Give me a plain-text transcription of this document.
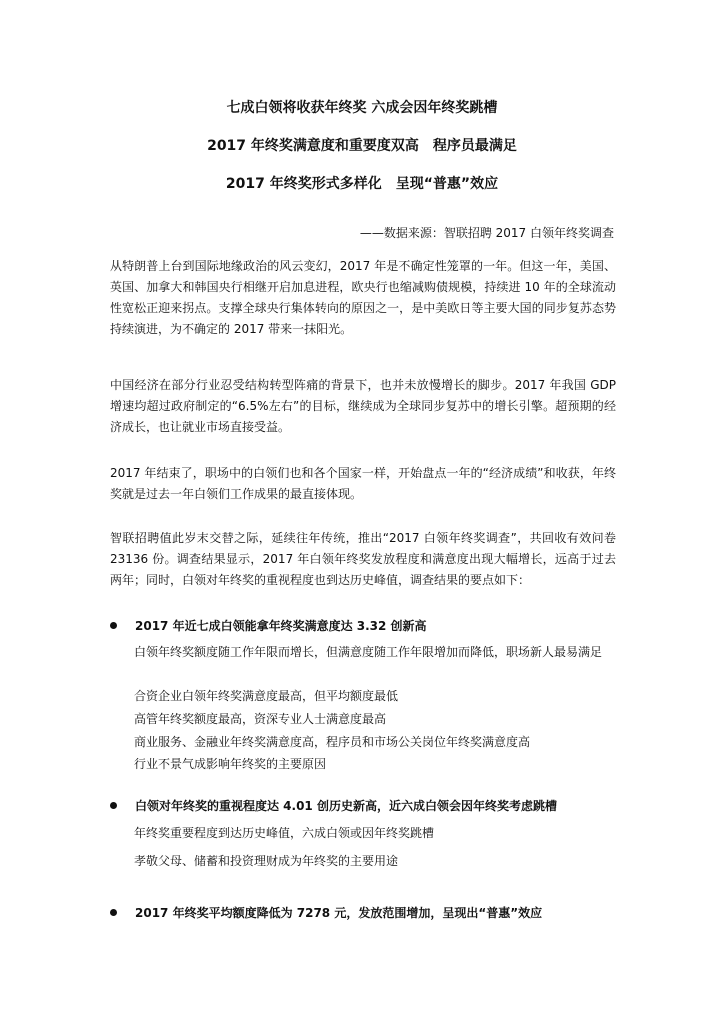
七成白领将收获年终奖 六成会因年终奖跳槽
2017 年终奖满意度和重要度双高　程序员最满足
2017 年终奖形式多样化　呈现“普惠”效应
——数据来源：智联招聘 2017 白领年终奖调查

从特朗普上台到国际地缘政治的风云变幻，2017 年是不确定性笼罩的一年。但这一年，美国、英国、加拿大和韩国央行相继开启加息进程，欧央行也缩减购债规模，持续进 10 年的全球流动性宽松正迎来拐点。支撑全球央行集体转向的原因之一，是中美欧日等主要大国的同步复苏态势持续演进，为不确定的 2017 带来一抹阳光。

中国经济在部分行业忍受结构转型阵痛的背景下，也并未放慢增长的脚步。2017 年我国 GDP 增速均超过政府制定的“6.5%左右”的目标，继续成为全球同步复苏中的增长引擎。超预期的经济成长，也让就业市场直接受益。

2017 年结束了，职场中的白领们也和各个国家一样，开始盘点一年的“经济成绩”和收获，年终奖就是过去一年白领们工作成果的最直接体现。

智联招聘值此岁末交替之际，延续往年传统，推出“2017 白领年终奖调查”，共回收有效问卷 23136 份。调查结果显示，2017 年白领年终奖发放程度和满意度出现大幅增长，远高于过去两年；同时，白领对年终奖的重视程度也到达历史峰值，调查结果的要点如下：

2017 年近七成白领能拿年终奖满意度达 3.32 创新高
白领年终奖额度随工作年限而增长，但满意度随工作年限增加而降低，职场新人最易满足
合资企业白领年终奖满意度最高，但平均额度最低
高管年终奖额度最高，资深专业人士满意度最高
商业服务、金融业年终奖满意度高，程序员和市场公关岗位年终奖满意度高
行业不景气成影响年终奖的主要原因
白领对年终奖的重视程度达 4.01 创历史新高，近六成白领会因年终奖考虑跳槽
年终奖重要程度到达历史峰值，六成白领或因年终奖跳槽
孝敬父母、储蓄和投资理财成为年终奖的主要用途
2017 年终奖平均额度降低为 7278 元，发放范围增加，呈现出“普惠”效应
